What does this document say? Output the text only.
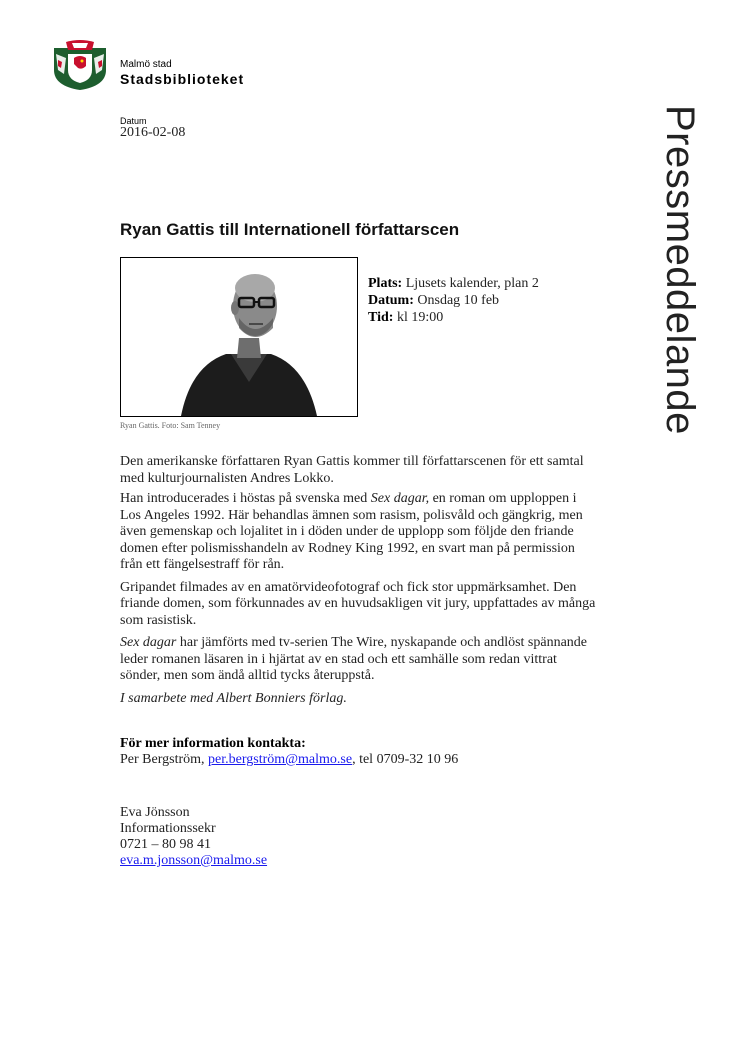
Malmö stad
Stadsbiblioteket
Datum
2016-02-08	Pressmeddelande
Ryan Gattis till Internationell författarscen
Ryan Gattis. Foto: Sam Tenney
Plats: Ljusets kalender, plan 2
Datum: Onsdag 10 feb
Tid: kl 19:00

Den amerikanske författaren Ryan Gattis kommer till författarscenen för ett samtal med kulturjournalisten Andres Lokko.

Han introducerades i höstas på svenska med Sex dagar, en roman om upploppen i Los Angeles 1992. Här behandlas ämnen som rasism, polisvåld och gängkrig, men även gemenskap och lojalitet in i döden under de upplopp som följde den friande domen efter polismisshandeln av Rodney King 1992, en svart man på permission från ett fängelsestraff för rån.

Gripandet filmades av en amatörvideofotograf och fick stor uppmärksamhet. Den friande domen, som förkunnades av en huvudsakligen vit jury, uppfattades av många som rasistisk.

Sex dagar har jämförts med tv-serien The Wire, nyskapande och andlöst spännande leder romanen läsaren in i hjärtat av en stad och ett samhälle som redan vittrat sönder, men som ändå alltid tycks återuppstå.

I samarbete med Albert Bonniers förlag.

För mer information kontakta:
Per Bergström, per.bergström@malmo.se, tel 0709-32 10 96
Eva Jönsson
Informationssekr
0721 – 80 98 41
eva.m.jonsson@malmo.se
